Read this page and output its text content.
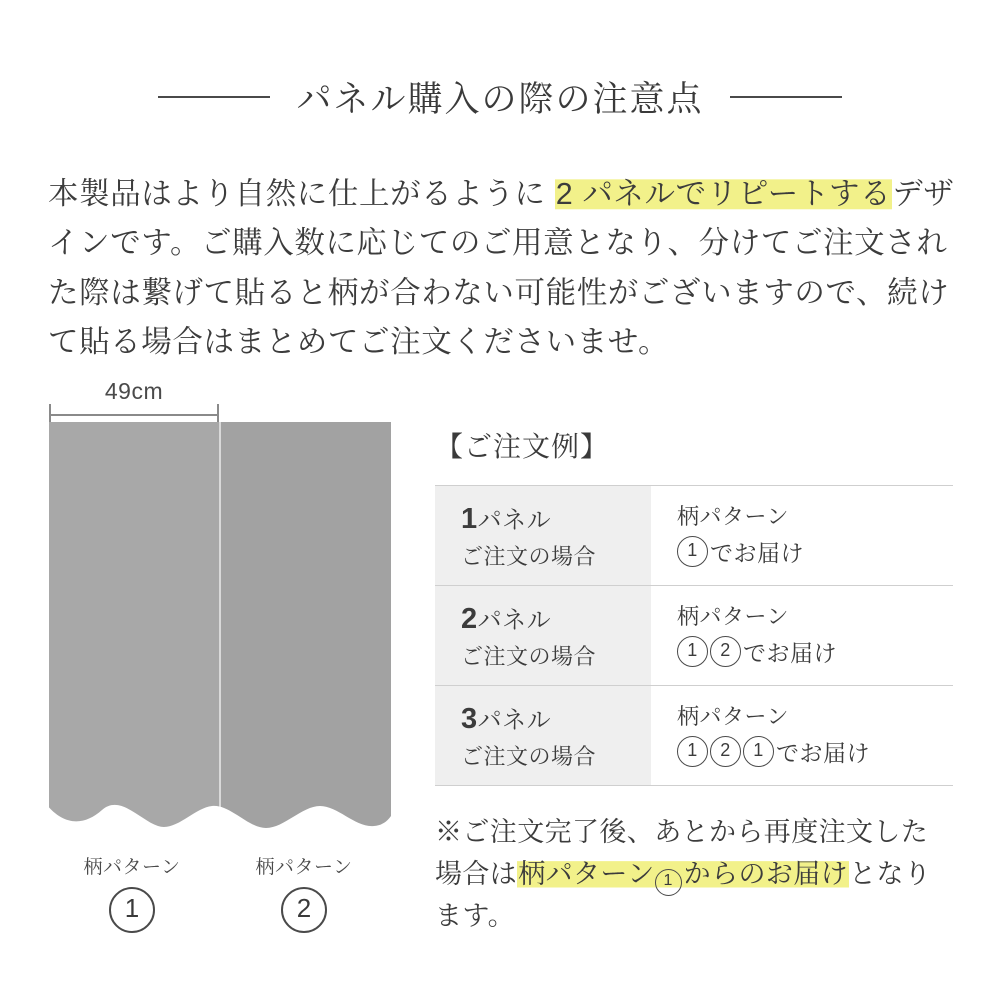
パネル購入の際の注意点
本製品はより自然に仕上がるように 2 パネルでリピートするデザインです。ご購入数に応じてのご用意となり、分けてご注文された際は繋げて貼ると柄が合わない可能性がございますので、続けて貼る場合はまとめてご注文くださいませ。
49cm
柄パターン
1
柄パターン
2
【ご注文例】
1パネル
ご注文の場合
柄パターン
1 でお届け
2パネル
ご注文の場合
柄パターン
1	2 でお届け
3パネル
ご注文の場合
柄パターン
1	2	1 でお届け
※ご注文完了後、あとから再度注文した場合は柄パターン 1 からのお届けとなります。
